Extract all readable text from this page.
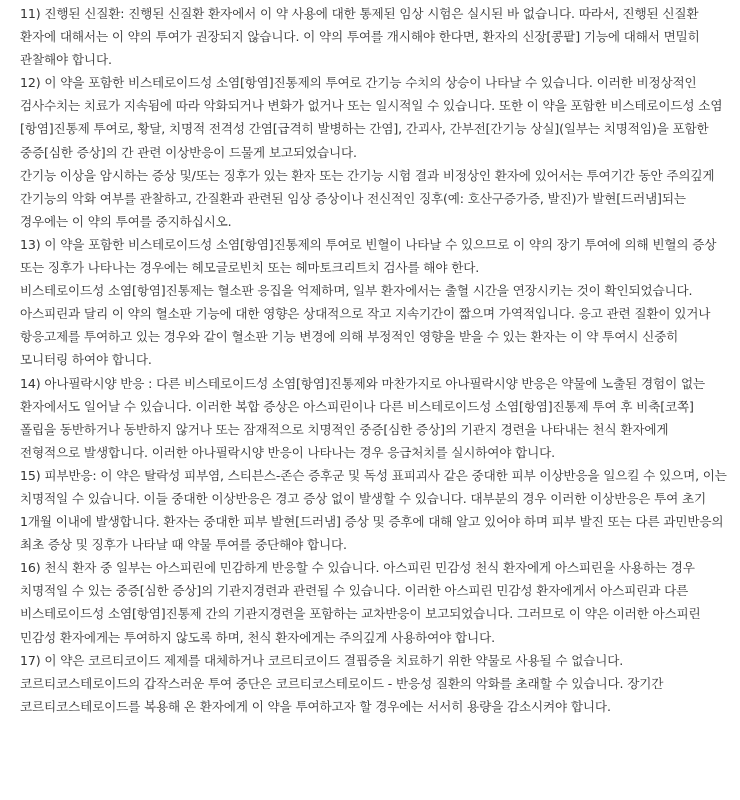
11) 진행된 신질환: 진행된 신질환 환자에서 이 약 사용에 대한 통제된 임상 시험은 실시된 바 없습니다. 따라서, 진행된 신질환 환자에 대해서는 이 약의 투여가 권장되지 않습니다. 이 약의 투여를 개시해야 한다면, 환자의 신장[콩팥] 기능에 대해서 면밀히 관찰해야 합니다.

12) 이 약을 포함한 비스테로이드성 소염[항염]진통제의 투여로 간기능 수치의 상승이 나타날 수 있습니다. 이러한 비정상적인 검사수치는 치료가 지속됨에 따라 악화되거나 변화가 없거나 또는 일시적일 수 있습니다. 또한 이 약을 포함한 비스테로이드성 소염[항염]진통제 투여로, 황달, 치명적 전격성 간염[급격히 발병하는 간염], 간괴사, 간부전[간기능 상실](일부는 치명적임)을 포함한 중증[심한 증상]의 간 관련 이상반응이 드물게 보고되었습니다.

간기능 이상을 암시하는 증상 및/또는 징후가 있는 환자 또는 간기능 시험 결과 비정상인 환자에 있어서는 투여기간 동안 주의깊게 간기능의 악화 여부를 관찰하고, 간질환과 관련된 임상 증상이나 전신적인 징후(예: 호산구증가증, 발진)가 발현[드러냄]되는 경우에는 이 약의 투여를 중지하십시오.

13) 이 약을 포함한 비스테로이드성 소염[항염]진통제의 투여로 빈혈이 나타날 수 있으므로 이 약의 장기 투여에 의해 빈혈의 증상 또는 징후가 나타나는 경우에는 헤모글로빈치 또는 헤마토크리트치 검사를 해야 한다.

비스테로이드성 소염[항염]진통제는 혈소판 응집을 억제하며, 일부 환자에서는 출혈 시간을 연장시키는 것이 확인되었습니다. 아스피린과 달리 이 약의 혈소판 기능에 대한 영향은 상대적으로 작고 지속기간이 짧으며 가역적입니다. 응고 관련 질환이 있거나 항응고제를 투여하고 있는 경우와 같이 혈소판 기능 변경에 의해 부정적인 영향을 받을 수 있는 환자는 이 약 투여시 신중히 모니터링 하여야 합니다.

14) 아나필락시양 반응 : 다른 비스테로이드성 소염[항염]진통제와 마찬가지로 아나필락시양 반응은 약물에 노출된 경험이 없는 환자에서도 일어날 수 있습니다. 이러한 복합 증상은 아스피린이나 다른 비스테로이드성 소염[항염]진통제 투여 후 비축[코쪽] 폴립을 동반하거나 동반하지 않거나 또는 잠재적으로 치명적인 중증[심한 증상]의 기관지 경련을 나타내는 천식 환자에게 전형적으로 발생합니다. 이러한 아나필락시양 반응이 나타나는 경우 응급처치를 실시하여야 합니다.

15) 피부반응: 이 약은 탈락성 피부염, 스티븐스-존슨 증후군 및 독성 표피괴사 같은 중대한 피부 이상반응을 일으킬 수 있으며, 이는 치명적일 수 있습니다. 이들 중대한 이상반응은 경고 증상 없이 발생할 수 있습니다. 대부분의 경우 이러한 이상반응은 투여 초기 1개월 이내에 발생합니다. 환자는 중대한 피부 발현[드러냄] 증상 및 증후에 대해 알고 있어야 하며 피부 발진 또는 다른 과민반응의 최초 증상 및 징후가 나타날 때 약물 투여를 중단해야 합니다.

16) 천식 환자 중 일부는 아스피린에 민감하게 반응할 수 있습니다. 아스피린 민감성 천식 환자에게 아스피린을 사용하는 경우 치명적일 수 있는 중증[심한 증상]의 기관지경련과 관련될 수 있습니다. 이러한 아스피린 민감성 환자에게서 아스피린과 다른 비스테로이드성 소염[항염]진통제 간의 기관지경련을 포함하는 교차반응이 보고되었습니다. 그러므로 이 약은 이러한 아스피린 민감성 환자에게는 투여하지 않도록 하며, 천식 환자에게는 주의깊게 사용하여야 합니다.

17) 이 약은 코르티코이드 제제를 대체하거나 코르티코이드 결핍증을 치료하기 위한 약물로 사용될 수 없습니다. 코르티코스테로이드의 갑작스러운 투여 중단은 코르티코스테로이드 - 반응성 질환의 악화를 초래할 수 있습니다. 장기간 코르티코스테로이드를 복용해 온 환자에게 이 약을 투여하고자 할 경우에는 서서히 용량을 감소시켜야 합니다.
